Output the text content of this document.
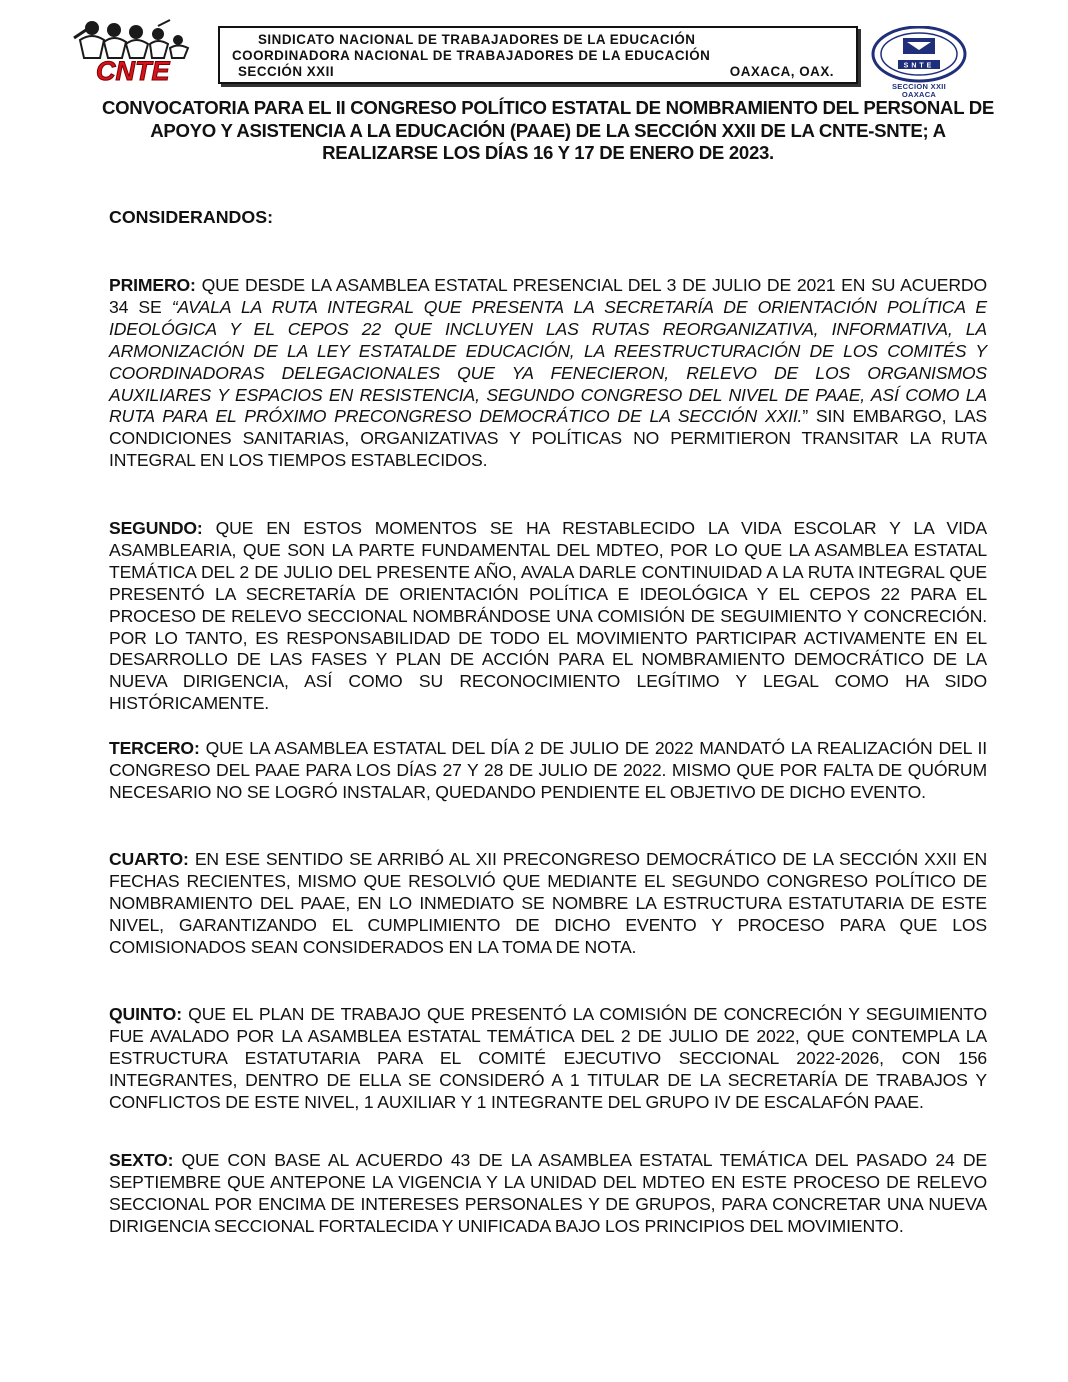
CNTE
SINDICATO NACIONAL DE TRABAJADORES DE LA EDUCACIÓN
COORDINADORA NACIONAL DE TRABAJADORES DE LA EDUCACIÓN
SECCIÓN XXII	OAXACA, OAX.	SNTE
SECCION XXII
OAXACA
CONVOCATORIA PARA EL II CONGRESO POLÍTICO ESTATAL DE NOMBRAMIENTO DEL PERSONAL DE APOYO Y ASISTENCIA A LA EDUCACIÓN (PAAE) DE LA SECCIÓN XXII DE LA CNTE-SNTE; A REALIZARSE LOS DÍAS 16 Y 17 DE ENERO DE 2023.
CONSIDERANDOS:
PRIMERO: QUE DESDE LA ASAMBLEA ESTATAL PRESENCIAL DEL 3 DE JULIO DE 2021 EN SU ACUERDO 34 SE “AVALA LA RUTA INTEGRAL QUE PRESENTA LA SECRETARÍA DE ORIENTACIÓN POLÍTICA E IDEOLÓGICA Y EL CEPOS 22 QUE INCLUYEN LAS RUTAS REORGANIZATIVA, INFORMATIVA, LA ARMONIZACIÓN DE LA LEY ESTATALDE EDUCACIÓN, LA REESTRUCTURACIÓN DE LOS COMITÉS Y COORDINADORAS DELEGACIONALES QUE YA FENECIERON, RELEVO DE LOS ORGANISMOS AUXILIARES Y ESPACIOS EN RESISTENCIA, SEGUNDO CONGRESO DEL NIVEL DE PAAE, ASÍ COMO LA RUTA PARA EL PRÓXIMO PRECONGRESO DEMOCRÁTICO DE LA SECCIÓN XXII.” SIN EMBARGO, LAS CONDICIONES SANITARIAS, ORGANIZATIVAS Y POLÍTICAS NO PERMITIERON TRANSITAR LA RUTA INTEGRAL EN LOS TIEMPOS ESTABLECIDOS.
SEGUNDO: QUE EN ESTOS MOMENTOS SE HA RESTABLECIDO LA VIDA ESCOLAR Y LA VIDA ASAMBLEARIA, QUE SON LA PARTE FUNDAMENTAL DEL MDTEO, POR LO QUE LA ASAMBLEA ESTATAL TEMÁTICA DEL 2 DE JULIO DEL PRESENTE AÑO, AVALA DARLE CONTINUIDAD A LA RUTA INTEGRAL QUE PRESENTÓ LA SECRETARÍA DE ORIENTACIÓN POLÍTICA E IDEOLÓGICA Y EL CEPOS 22 PARA EL PROCESO DE RELEVO SECCIONAL NOMBRÁNDOSE UNA COMISIÓN DE SEGUIMIENTO Y CONCRECIÓN. POR LO TANTO, ES RESPONSABILIDAD DE TODO EL MOVIMIENTO PARTICIPAR ACTIVAMENTE EN EL DESARROLLO DE LAS FASES Y PLAN DE ACCIÓN PARA EL NOMBRAMIENTO DEMOCRÁTICO DE LA NUEVA DIRIGENCIA, ASÍ COMO SU RECONOCIMIENTO LEGÍTIMO Y LEGAL COMO HA SIDO HISTÓRICAMENTE.
TERCERO: QUE LA ASAMBLEA ESTATAL DEL DÍA 2 DE JULIO DE 2022 MANDATÓ LA REALIZACIÓN DEL II CONGRESO DEL PAAE PARA LOS DÍAS 27 Y 28 DE JULIO DE 2022. MISMO QUE POR FALTA DE QUÓRUM NECESARIO NO SE LOGRÓ INSTALAR, QUEDANDO PENDIENTE EL OBJETIVO DE DICHO EVENTO.
CUARTO: EN ESE SENTIDO SE ARRIBÓ AL XII PRECONGRESO DEMOCRÁTICO DE LA SECCIÓN XXII EN FECHAS RECIENTES, MISMO QUE RESOLVIÓ QUE MEDIANTE EL SEGUNDO CONGRESO POLÍTICO DE NOMBRAMIENTO DEL PAAE, EN LO INMEDIATO SE NOMBRE LA ESTRUCTURA ESTATUTARIA DE ESTE NIVEL, GARANTIZANDO EL CUMPLIMIENTO DE DICHO EVENTO Y PROCESO PARA QUE LOS COMISIONADOS SEAN CONSIDERADOS EN LA TOMA DE NOTA.
QUINTO: QUE EL PLAN DE TRABAJO QUE PRESENTÓ LA COMISIÓN DE CONCRECIÓN Y SEGUIMIENTO FUE AVALADO POR LA ASAMBLEA ESTATAL TEMÁTICA DEL 2 DE JULIO DE 2022, QUE CONTEMPLA LA ESTRUCTURA ESTATUTARIA PARA EL COMITÉ EJECUTIVO SECCIONAL 2022-2026, CON 156 INTEGRANTES, DENTRO DE ELLA SE CONSIDERÓ A 1 TITULAR DE LA SECRETARÍA DE TRABAJOS Y CONFLICTOS DE ESTE NIVEL, 1 AUXILIAR Y 1 INTEGRANTE DEL GRUPO IV DE ESCALAFÓN PAAE.
SEXTO: QUE CON BASE AL ACUERDO 43 DE LA ASAMBLEA ESTATAL TEMÁTICA DEL PASADO 24 DE SEPTIEMBRE QUE ANTEPONE LA VIGENCIA Y LA UNIDAD DEL MDTEO EN ESTE PROCESO DE RELEVO SECCIONAL POR ENCIMA DE INTERESES PERSONALES Y DE GRUPOS, PARA CONCRETAR UNA NUEVA DIRIGENCIA SECCIONAL FORTALECIDA Y UNIFICADA BAJO LOS PRINCIPIOS DEL MOVIMIENTO.
